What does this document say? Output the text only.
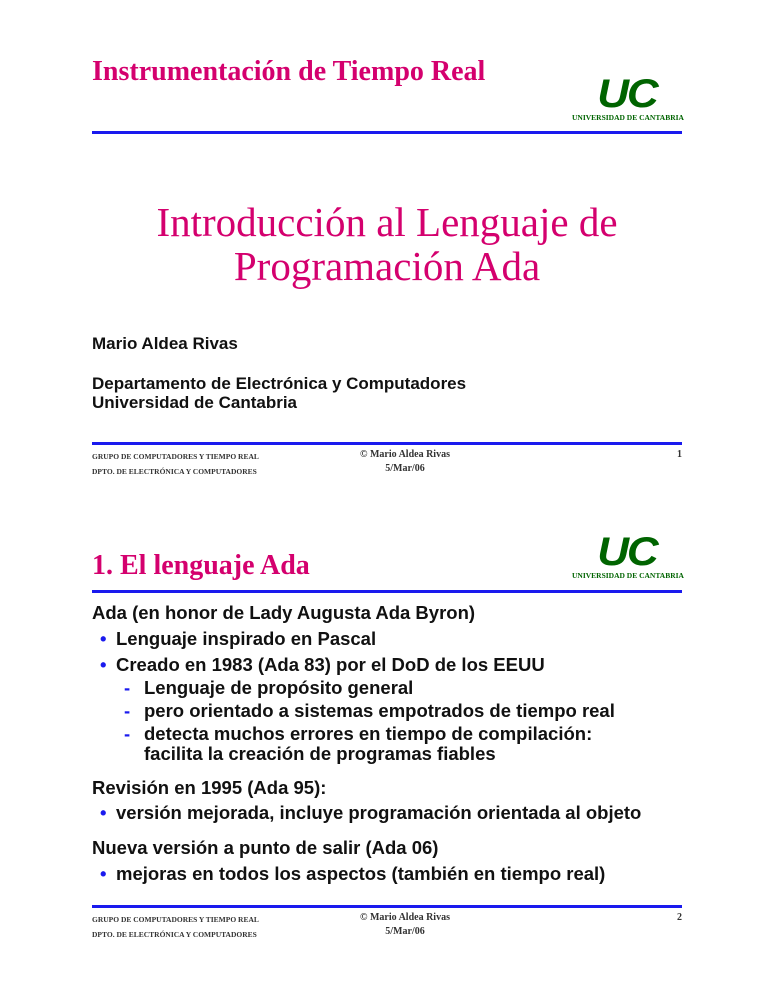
Instrumentación de Tiempo Real
UC
UNIVERSIDAD DE CANTABRIA
Introducción al Lenguaje de
Programación Ada
Mario Aldea Rivas
Departamento de Electrónica y Computadores
Universidad de Cantabria
GRUPO DE COMPUTADORES Y TIEMPO REAL
DPTO. DE ELECTRÓNICA Y COMPUTADORES
© Mario Aldea Rivas
5/Mar/06
1
1. El lenguaje Ada	UC
UNIVERSIDAD DE CANTABRIA
Ada (en honor de Lady Augusta Ada Byron)
• Lenguaje inspirado en Pascal
• Creado en 1983 (Ada 83) por el DoD de los EEUU
- Lenguaje de propósito general
- pero orientado a sistemas empotrados de tiempo real
- detecta muchos errores en tiempo de compilación:
facilita la creación de programas fiables
Revisión en 1995 (Ada 95):
• versión mejorada, incluye programación orientada al objeto
Nueva versión a punto de salir (Ada 06)
• mejoras en todos los aspectos (también en tiempo real)
GRUPO DE COMPUTADORES Y TIEMPO REAL
DPTO. DE ELECTRÓNICA Y COMPUTADORES
© Mario Aldea Rivas
5/Mar/06
2
